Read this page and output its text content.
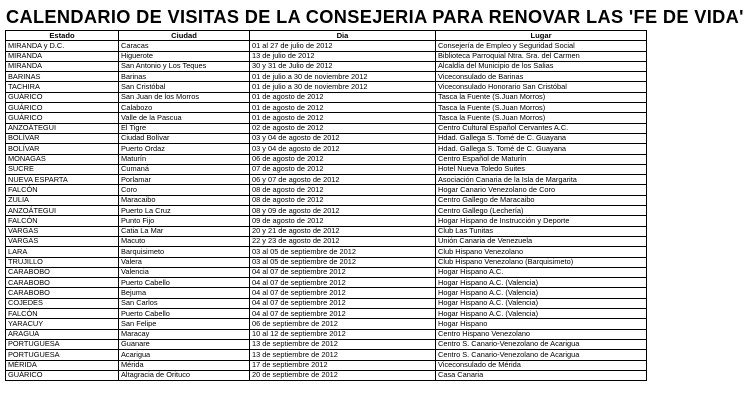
CALENDARIO DE VISITAS DE LA CONSEJERIA PARA RENOVAR LAS 'FE DE VIDA'
Estado	Ciudad	Dia	Lugar
MIRANDA y D.C.	Caracas	01 al 27 de julio de 2012	Consejería de Empleo y Seguridad Social
MIRANDA	Higuerote	13 de julio de 2012	Biblioteca Parroquial Ntra. Sra. del Carmen
MIRANDA	San Antonio y Los Teques	30 y 31 de Julio de 2012	Alcaldía del Municipio de los Salias
BARINAS	Barinas	01 de julio a 30 de noviembre 2012	Viceconsulado de Barinas
TACHIRA	San Cristóbal	01 de julio a 30 de noviembre 2012	Viceconsulado Honorario San Cristóbal
GUÁRICO	San Juan de los Morros	01 de agosto de 2012	Tasca la Fuente (S.Juan Morros)
GUÁRICO	Calabozo	01 de agosto de 2012	Tasca la Fuente (S.Juan Morros)
GUÁRICO	Valle de la Pascua	01 de agosto de 2012	Tasca la Fuente (S.Juan Morros)
ANZOÁTEGUI	El Tigre	02 de agosto de 2012	Centro Cultural Español Cervantes A.C.
BOLÍVAR	Ciudad Bolívar	03 y 04 de agosto de 2012	Hdad. Gallega S. Tomé de C. Guayana
BOLÍVAR	Puerto Ordaz	03 y 04 de agosto de 2012	Hdad. Gallega S. Tomé de C. Guayana
MONAGAS	Maturín	06 de agosto de 2012	Centro Español de Maturín
SUCRE	Cumaná	07 de agosto de 2012	Hotel Nueva Toledo Suites
NUEVA ESPARTA	Porlamar	06 y 07 de agosto de 2012	Asociación Canaria de la Isla de Margarita
FALCÓN	Coro	08 de agosto de 2012	Hogar Canario Venezolano de Coro
ZULIA	Maracaibo	08 de agosto de 2012	Centro Gallego de Maracaibo
ANZOÁTEGUI	Puerto La Cruz	08 y 09 de agosto de 2012	Centro Gallego (Lechería)
FALCÓN	Punto Fijo	09 de agosto de 2012	Hogar Hispano de Instrucción y Deporte
VARGAS	Catia La Mar	20 y 21 de agosto de 2012	Club Las Tunitas
VARGAS	Macuto	22 y 23 de agosto de 2012	Unión Canaria de Venezuela
LARA	Barquisimeto	03 al 05 de septiembre de 2012	Club Hispano Venezolano
TRUJILLO	Valera	03 al 05 de septiembre de 2012	Club Hispano Venezolano (Barquisimeto)
CARABOBO	Valencia	04 al 07 de septiembre 2012	Hogar Hispano A.C.
CARABOBO	Puerto Cabello	04 al 07 de septiembre 2012	Hogar Hispano A.C. (Valencia)
CARABOBO	Bejuma	04 al 07 de septiembre 2012	Hogar Hispano A.C. (Valencia)
COJEDES	San Carlos	04 al 07 de septiembre 2012	Hogar Hispano A.C. (Valencia)
FALCÓN	Puerto Cabello	04 al 07 de septiembre 2012	Hogar Hispano A.C. (Valencia)
YARACUY	San Felipe	06 de septiembre de 2012	Hogar Hispano
ARAGUA	Maracay	10 al 12 de septiembre 2012	Centro Hispano Venezolano
PORTUGUESA	Guanare	13 de septiembre de 2012	Centro S. Canario-Venezolano de Acarigua
PORTUGUESA	Acarigua	13 de septiembre de 2012	Centro S. Canario-Venezolano de Acarigua
MÉRIDA	Mérida	17 de septiembre 2012	Viceconsulado de Mérida
GUÁRICO	Altagracia de Orituco	20 de septiembre de 2012	Casa Canaria
